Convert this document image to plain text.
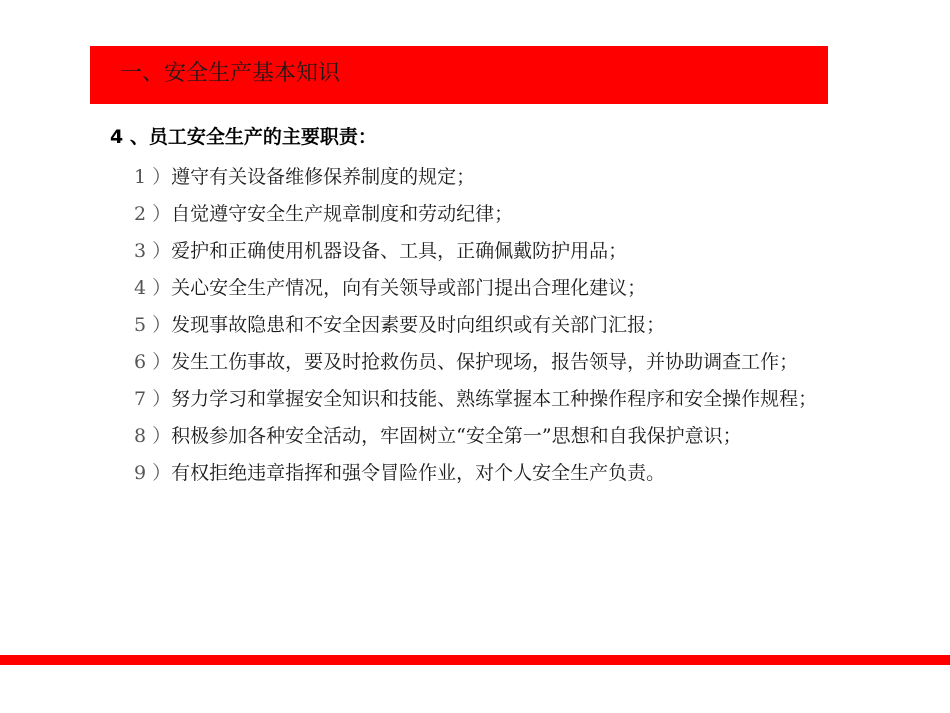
一、安全生产基本知识
4 、员工安全生产的主要职责：
1 ）遵守有关设备维修保养制度的规定；
2 ）自觉遵守安全生产规章制度和劳动纪律；
3 ）爱护和正确使用机器设备、工具，正确佩戴防护用品；
4 ）关心安全生产情况，向有关领导或部门提出合理化建议；
5 ）发现事故隐患和不安全因素要及时向组织或有关部门汇报；
6 ）发生工伤事故，要及时抢救伤员、保护现场，报告领导，并协助调查工作；
7 ）努力学习和掌握安全知识和技能、熟练掌握本工种操作程序和安全操作规程；
8 ）积极参加各种安全活动，牢固树立“安全第一”思想和自我保护意识；
9 ）有权拒绝违章指挥和强令冒险作业，对个人安全生产负责。
